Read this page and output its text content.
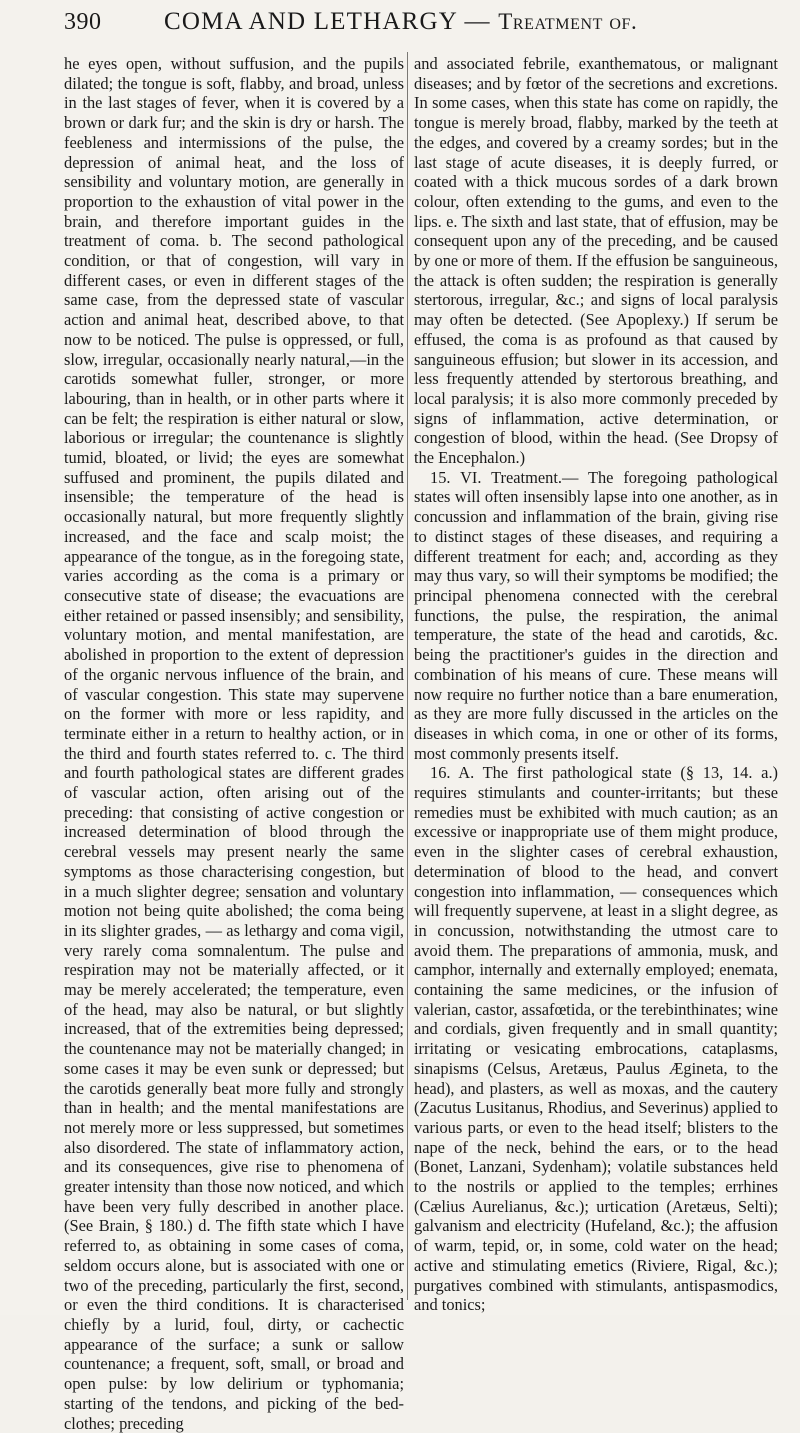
390	COMA AND LETHARGY — Treatment of.

he eyes open, without suffusion, and the pupils dilated; the tongue is soft, flabby, and broad, unless in the last stages of fever, when it is covered by a brown or dark fur; and the skin is dry or harsh. The feebleness and intermissions of the pulse, the depression of animal heat, and the loss of sensibility and voluntary motion, are generally in proportion to the exhaustion of vital power in the brain, and therefore important guides in the treatment of coma. b. The second pathological condition, or that of congestion, will vary in different cases, or even in different stages of the same case, from the depressed state of vascular action and animal heat, described above, to that now to be noticed. The pulse is oppressed, or full, slow, irregular, occasionally nearly natural,—in the carotids somewhat fuller, stronger, or more labouring, than in health, or in other parts where it can be felt; the respiration is either natural or slow, laborious or irregular; the countenance is slightly tumid, bloated, or livid; the eyes are somewhat suffused and prominent, the pupils dilated and insensible; the temperature of the head is occasionally natural, but more frequently slightly increased, and the face and scalp moist; the appearance of the tongue, as in the foregoing state, varies according as the coma is a primary or consecutive state of disease; the evacuations are either retained or passed insensibly; and sensibility, voluntary motion, and mental manifestation, are abolished in proportion to the extent of depression of the organic nervous influence of the brain, and of vascular congestion. This state may supervene on the former with more or less rapidity, and terminate either in a return to healthy action, or in the third and fourth states referred to. c. The third and fourth pathological states are different grades of vascular action, often arising out of the preceding: that consisting of active congestion or increased determination of blood through the cerebral vessels may present nearly the same symptoms as those characterising congestion, but in a much slighter degree; sensation and voluntary motion not being quite abolished; the coma being in its slighter grades, — as lethargy and coma vigil, very rarely coma somnalentum. The pulse and respiration may not be materially affected, or it may be merely accelerated; the temperature, even of the head, may also be natural, or but slightly increased, that of the extremities being depressed; the countenance may not be materially changed; in some cases it may be even sunk or depressed; but the carotids generally beat more fully and strongly than in health; and the mental manifestations are not merely more or less suppressed, but sometimes also disordered. The state of inflammatory action, and its consequences, give rise to phenomena of greater intensity than those now noticed, and which have been very fully described in another place. (See Brain, § 180.) d. The fifth state which I have referred to, as obtaining in some cases of coma, seldom occurs alone, but is associated with one or two of the preceding, particularly the first, second, or even the third conditions. It is characterised chiefly by a lurid, foul, dirty, or cachectic appearance of the surface; a sunk or sallow countenance; a frequent, soft, small, or broad and open pulse: by low delirium or typhomania; starting of the tendons, and picking of the bed-clothes; preceding

and associated febrile, exanthematous, or malignant diseases; and by fœtor of the secretions and excretions. In some cases, when this state has come on rapidly, the tongue is merely broad, flabby, marked by the teeth at the edges, and covered by a creamy sordes; but in the last stage of acute diseases, it is deeply furred, or coated with a thick mucous sordes of a dark brown colour, often extending to the gums, and even to the lips. e. The sixth and last state, that of effusion, may be consequent upon any of the preceding, and be caused by one or more of them. If the effusion be sanguineous, the attack is often sudden; the respiration is generally stertorous, irregular, &c.; and signs of local paralysis may often be detected. (See Apoplexy.) If serum be effused, the coma is as profound as that caused by sanguineous effusion; but slower in its accession, and less frequently attended by stertorous breathing, and local paralysis; it is also more commonly preceded by signs of inflammation, active determination, or congestion of blood, within the head. (See Dropsy of the Encephalon.)

15. VI. Treatment.— The foregoing pathological states will often insensibly lapse into one another, as in concussion and inflammation of the brain, giving rise to distinct stages of these diseases, and requiring a different treatment for each; and, according as they may thus vary, so will their symptoms be modified; the principal phenomena connected with the cerebral functions, the pulse, the respiration, the animal temperature, the state of the head and carotids, &c. being the practitioner's guides in the direction and combination of his means of cure. These means will now require no further notice than a bare enumeration, as they are more fully discussed in the articles on the diseases in which coma, in one or other of its forms, most commonly presents itself.

16. A. The first pathological state (§ 13, 14. a.) requires stimulants and counter-irritants; but these remedies must be exhibited with much caution; as an excessive or inappropriate use of them might produce, even in the slighter cases of cerebral exhaustion, determination of blood to the head, and convert congestion into inflammation, — consequences which will frequently supervene, at least in a slight degree, as in concussion, notwithstanding the utmost care to avoid them. The preparations of ammonia, musk, and camphor, internally and externally employed; enemata, containing the same medicines, or the infusion of valerian, castor, assafœtida, or the terebinthinates; wine and cordials, given frequently and in small quantity; irritating or vesicating embrocations, cataplasms, sinapisms (Celsus, Aretæus, Paulus Ægineta, to the head), and plasters, as well as moxas, and the cautery (Zacutus Lusitanus, Rhodius, and Severinus) applied to various parts, or even to the head itself; blisters to the nape of the neck, behind the ears, or to the head (Bonet, Lanzani, Sydenham); volatile substances held to the nostrils or applied to the temples; errhines (Cælius Aurelianus, &c.); urtication (Aretæus, Selti); galvanism and electricity (Hufeland, &c.); the affusion of warm, tepid, or, in some, cold water on the head; active and stimulating emetics (Riviere, Rigal, &c.); purgatives combined with stimulants, antispasmodics, and tonics;
